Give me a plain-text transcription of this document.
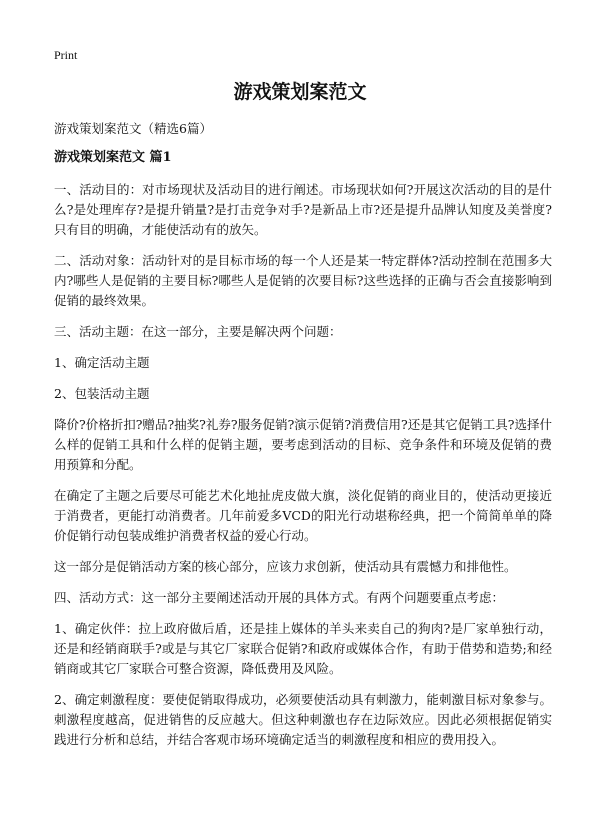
Print
游戏策划案范文
游戏策划案范文（精选6篇）
游戏策划案范文 篇1

一、活动目的：对市场现状及活动目的进行阐述。市场现状如何?开展这次活动的目的是什么?是处理库存?是提升销量?是打击竞争对手?是新品上市?还是提升品牌认知度及美誉度?只有目的明确，才能使活动有的放矢。

二、活动对象：活动针对的是目标市场的每一个人还是某一特定群体?活动控制在范围多大内?哪些人是促销的主要目标?哪些人是促销的次要目标?这些选择的正确与否会直接影响到促销的最终效果。

三、活动主题：在这一部分，主要是解决两个问题：

1、确定活动主题

2、包装活动主题

降价?价格折扣?赠品?抽奖?礼券?服务促销?演示促销?消费信用?还是其它促销工具?选择什么样的促销工具和什么样的促销主题，要考虑到活动的目标、竞争条件和环境及促销的费用预算和分配。

在确定了主题之后要尽可能艺术化地扯虎皮做大旗，淡化促销的商业目的，使活动更接近于消费者，更能打动消费者。几年前爱多VCD的阳光行动堪称经典，把一个简简单单的降价促销行动包装成维护消费者权益的爱心行动。

这一部分是促销活动方案的核心部分，应该力求创新，使活动具有震憾力和排他性。

四、活动方式：这一部分主要阐述活动开展的具体方式。有两个问题要重点考虑：

1、确定伙伴：拉上政府做后盾，还是挂上媒体的羊头来卖自己的狗肉?是厂家单独行动，还是和经销商联手?或是与其它厂家联合促销?和政府或媒体合作，有助于借势和造势;和经销商或其它厂家联合可整合资源，降低费用及风险。

2、确定刺激程度：要使促销取得成功，必须要使活动具有刺激力，能刺激目标对象参与。刺激程度越高，促进销售的反应越大。但这种刺激也存在边际效应。因此必须根据促销实践进行分析和总结，并结合客观市场环境确定适当的刺激程度和相应的费用投入。
